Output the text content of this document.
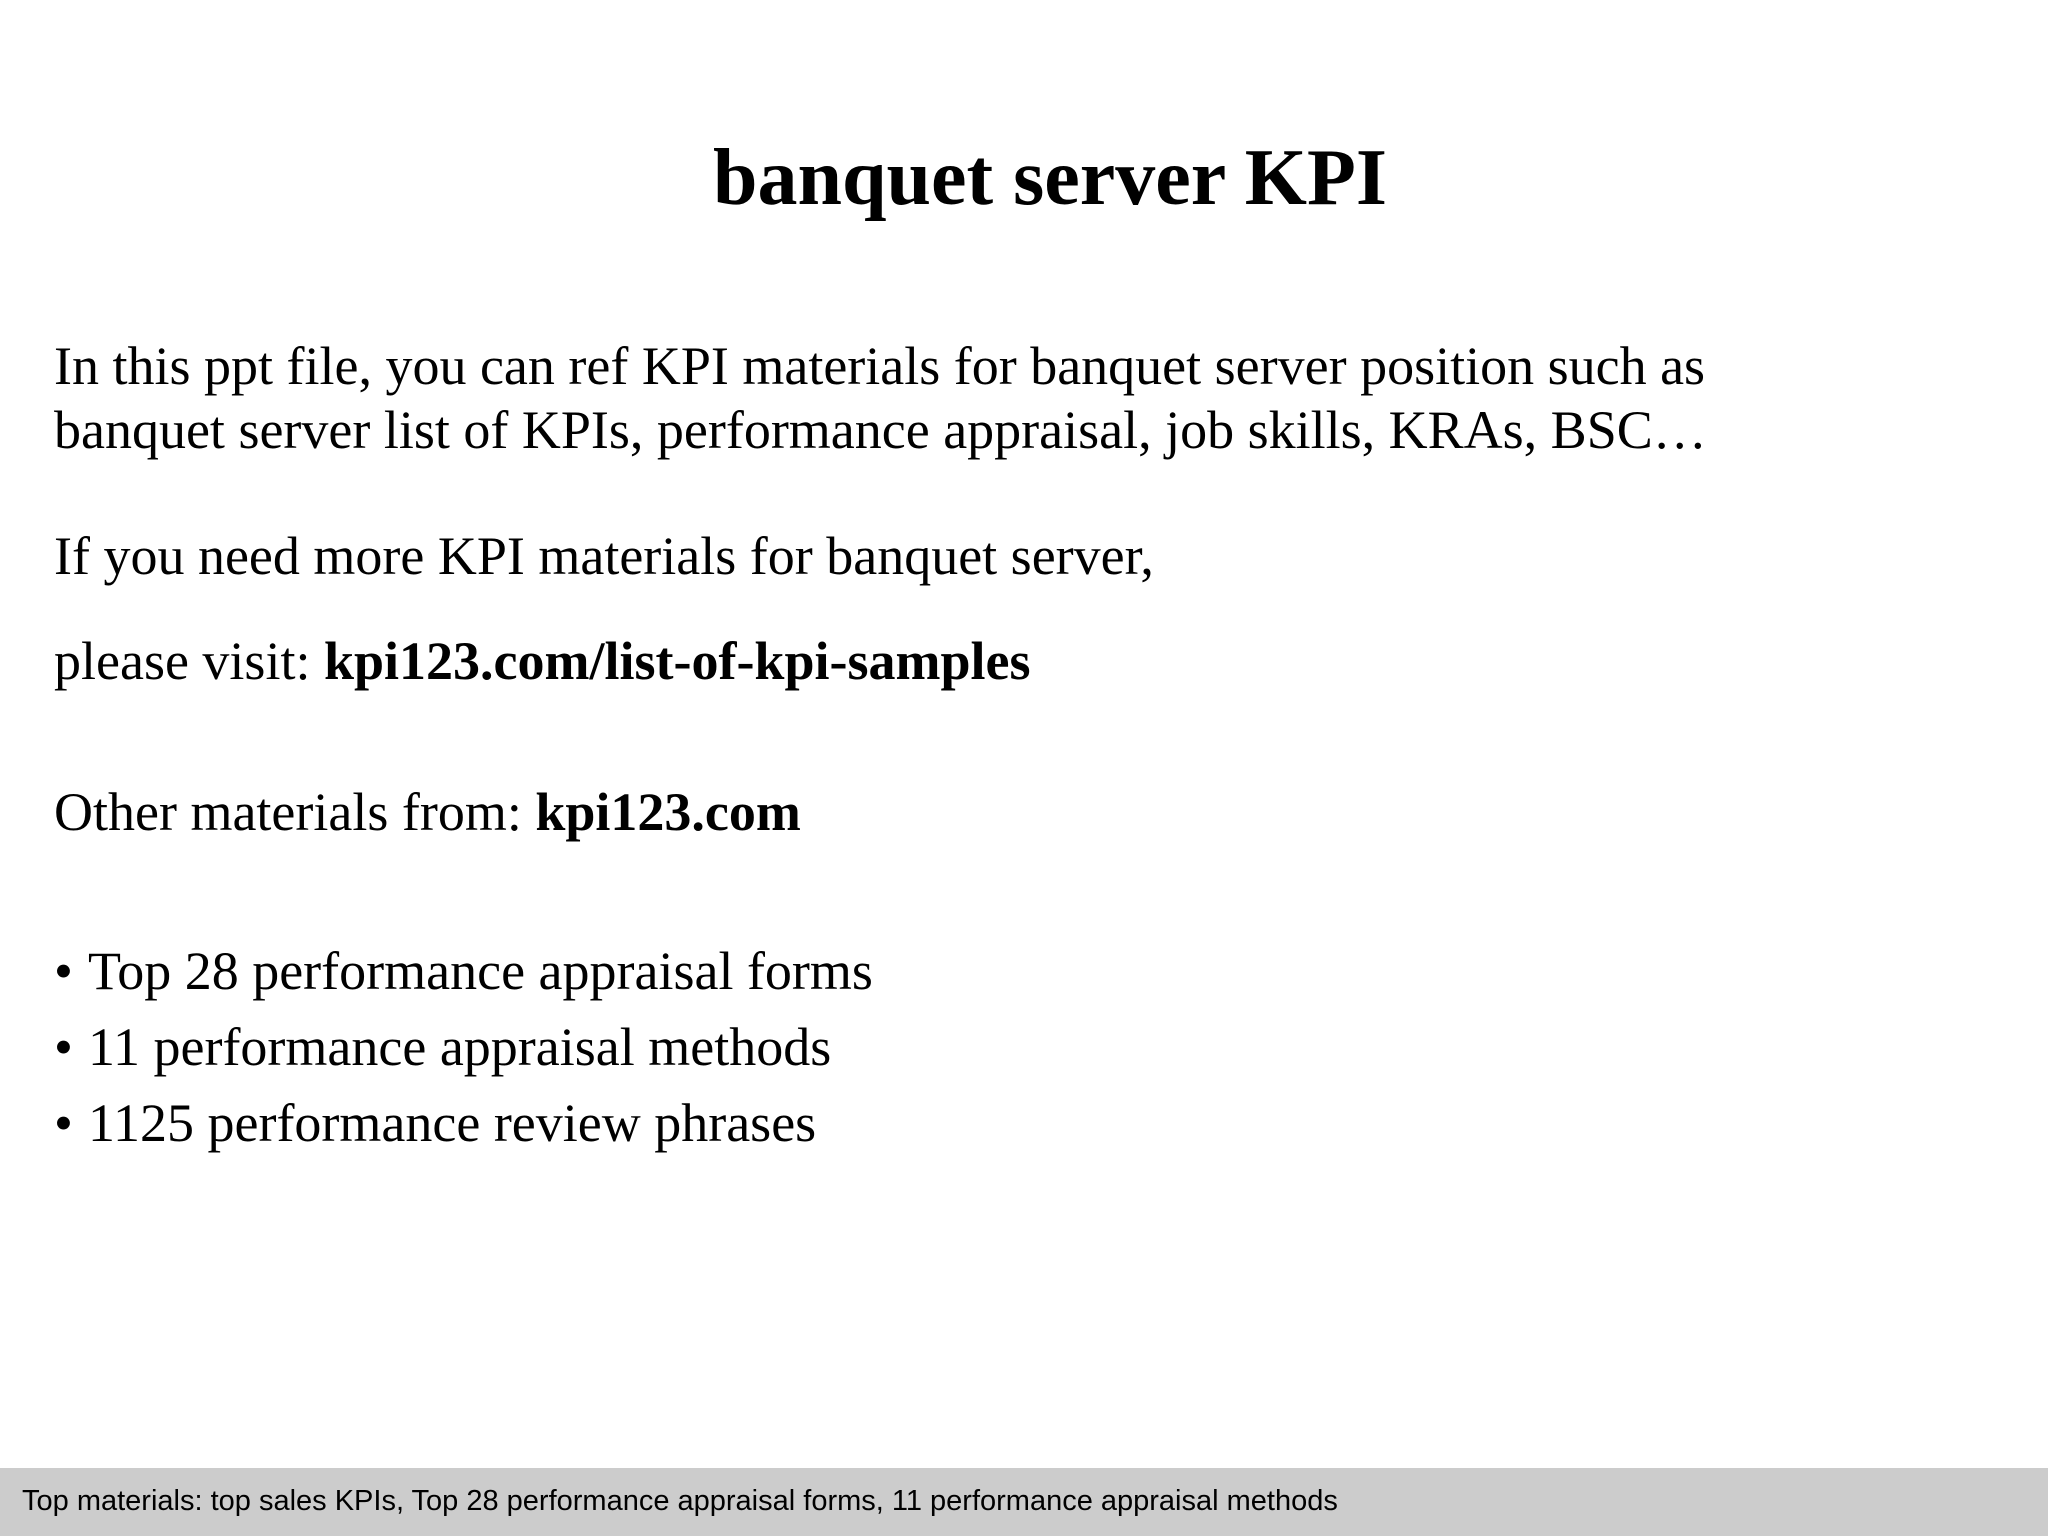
banquet server KPI

In this ppt file, you can ref KPI materials for banquet server position such as

banquet server list of KPIs, performance appraisal, job skills, KRAs, BSC…

If you need more KPI materials for banquet server,
please visit: kpi123.com/list-of-kpi-samples
Other materials from: kpi123.com
• Top 28 performance appraisal forms
• 11 performance appraisal methods
• 1125 performance review phrases
Top materials: top sales KPIs, Top 28 performance appraisal forms, 11 performance appraisal methods
